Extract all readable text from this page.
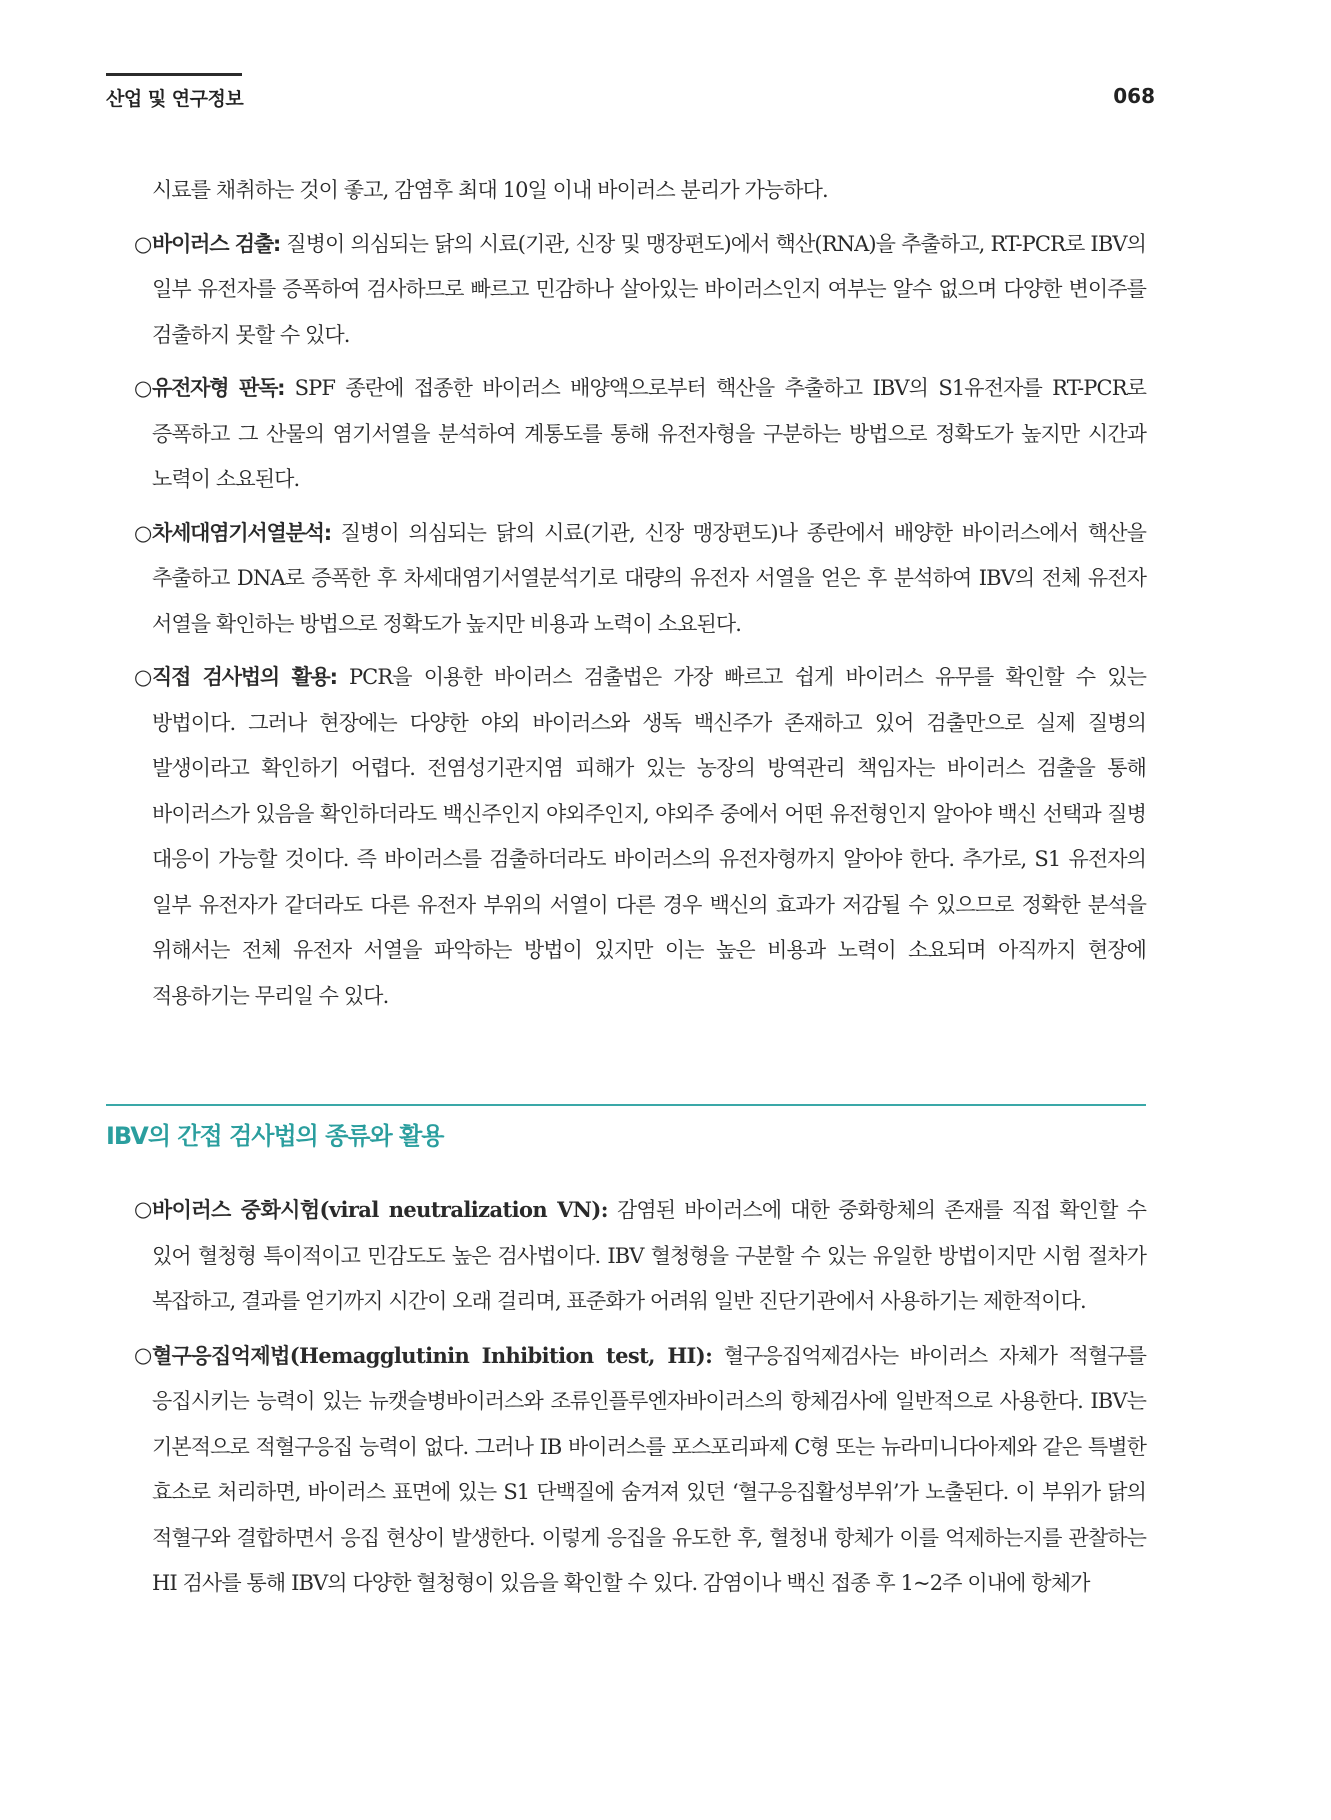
산업 및 연구정보	068

시료를 채취하는 것이 좋고, 감염후 최대 10일 이내 바이러스 분리가 가능하다.

○ 바이러스 검출: 질병이 의심되는 닭의 시료(기관, 신장 및 맹장편도)에서 핵산(RNA)을 추출하고, RT-PCR로 IBV의 일부 유전자를 증폭하여 검사하므로 빠르고 민감하나 살아있는 바이러스인지 여부는 알수 없으며 다양한 변이주를 검출하지 못할 수 있다.

○ 유전자형 판독: SPF 종란에 접종한 바이러스 배양액으로부터 핵산을 추출하고 IBV의 S1유전자를 RT-PCR로 증폭하고 그 산물의 염기서열을 분석하여 계통도를 통해 유전자형을 구분하는 방법으로 정확도가 높지만 시간과 노력이 소요된다.

○ 차세대염기서열분석: 질병이 의심되는 닭의 시료(기관, 신장 맹장편도)나 종란에서 배양한 바이러스에서 핵산을 추출하고 DNA로 증폭한 후 차세대염기서열분석기로 대량의 유전자 서열을 얻은 후 분석하여 IBV의 전체 유전자 서열을 확인하는 방법으로 정확도가 높지만 비용과 노력이 소요된다.

○ 직접 검사법의 활용: PCR을 이용한 바이러스 검출법은 가장 빠르고 쉽게 바이러스 유무를 확인할 수 있는 방법이다. 그러나 현장에는 다양한 야외 바이러스와 생독 백신주가 존재하고 있어 검출만으로 실제 질병의 발생이라고 확인하기 어렵다. 전염성기관지염 피해가 있는 농장의 방역관리 책임자는 바이러스 검출을 통해 바이러스가 있음을 확인하더라도 백신주인지 야외주인지, 야외주 중에서 어떤 유전형인지 알아야 백신 선택과 질병 대응이 가능할 것이다. 즉 바이러스를 검출하더라도 바이러스의 유전자형까지 알아야 한다. 추가로, S1 유전자의 일부 유전자가 같더라도 다른 유전자 부위의 서열이 다른 경우 백신의 효과가 저감될 수 있으므로 정확한 분석을 위해서는 전체 유전자 서열을 파악하는 방법이 있지만 이는 높은 비용과 노력이 소요되며 아직까지 현장에 적용하기는 무리일 수 있다.

IBV의 간접 검사법의 종류와 활용

○ 바이러스 중화시험(viral neutralization VN): 감염된 바이러스에 대한 중화항체의 존재를 직접 확인할 수 있어 혈청형 특이적이고 민감도도 높은 검사법이다. IBV 혈청형을 구분할 수 있는 유일한 방법이지만 시험 절차가 복잡하고, 결과를 얻기까지 시간이 오래 걸리며, 표준화가 어려워 일반 진단기관에서 사용하기는 제한적이다.

○ 혈구응집억제법(Hemagglutinin Inhibition test, HI): 혈구응집억제검사는 바이러스 자체가 적혈구를 응집시키는 능력이 있는 뉴캣슬병바이러스와 조류인플루엔자바이러스의 항체검사에 일반적으로 사용한다. IBV는 기본적으로 적혈구응집 능력이 없다. 그러나 IB 바이러스를 포스포리파제 C형 또는 뉴라미니다아제와 같은 특별한 효소로 처리하면, 바이러스 표면에 있는 S1 단백질에 숨겨져 있던 ‘혈구응집활성부위’가 노출된다. 이 부위가 닭의 적혈구와 결합하면서 응집 현상이 발생한다. 이렇게 응집을 유도한 후, 혈청내 항체가 이를 억제하는지를 관찰하는 HI 검사를 통해 IBV의 다양한 혈청형이 있음을 확인할 수 있다. 감염이나 백신 접종 후 1~2주 이내에 항체가
